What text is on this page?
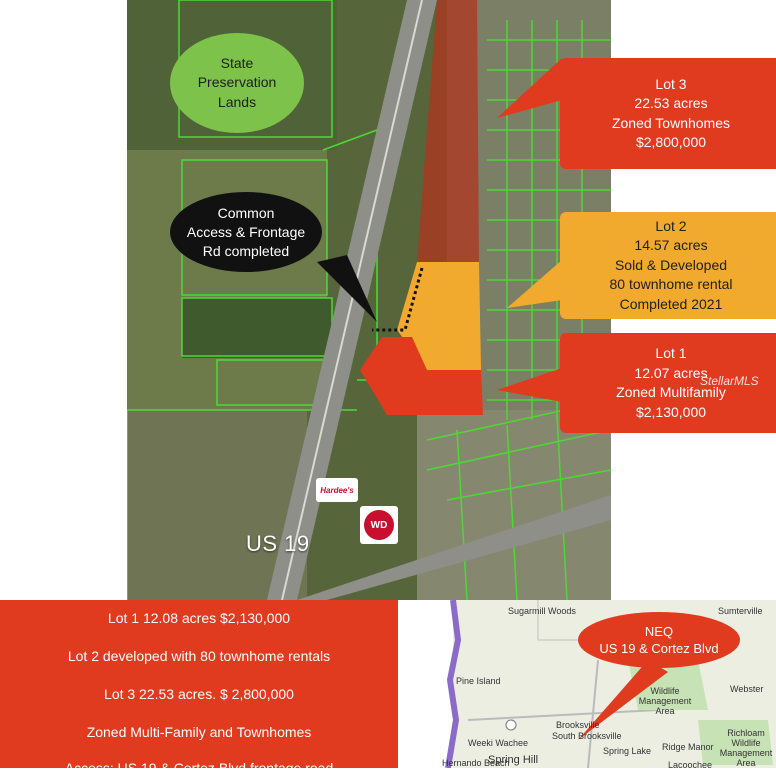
State
Preservation
Lands
Common
Access & Frontage
Rd completed
Lot 3
22.53 acres
Zoned Townhomes
$2,800,000
Lot 2
14.57 acres
Sold & Developed
80 townhome rental
Completed 2021
Lot 1
12.07 acres
Zoned Multifamily
$2,130,000
StellarMLS
Hardee's
WD
US 19
Lot 1 12.08 acres $2,130,000
Lot 2 developed with 80 townhome rentals
Lot 3 22.53 acres. $ 2,800,000
Zoned Multi-Family and Townhomes
Access: US 19 & Cortez Blvd frontage road
Sugarmill Woods	Sumterville
Webster
Wildlife Management Area
Pine Island
Brooksville
South Brooksville
Weeki Wachee
Spring Lake Ridge Manor
Richloam Wildlife Management Area
Hernando Beach
Spring Hill	Lacoochee
NEQ
US 19 & Cortez Blvd
